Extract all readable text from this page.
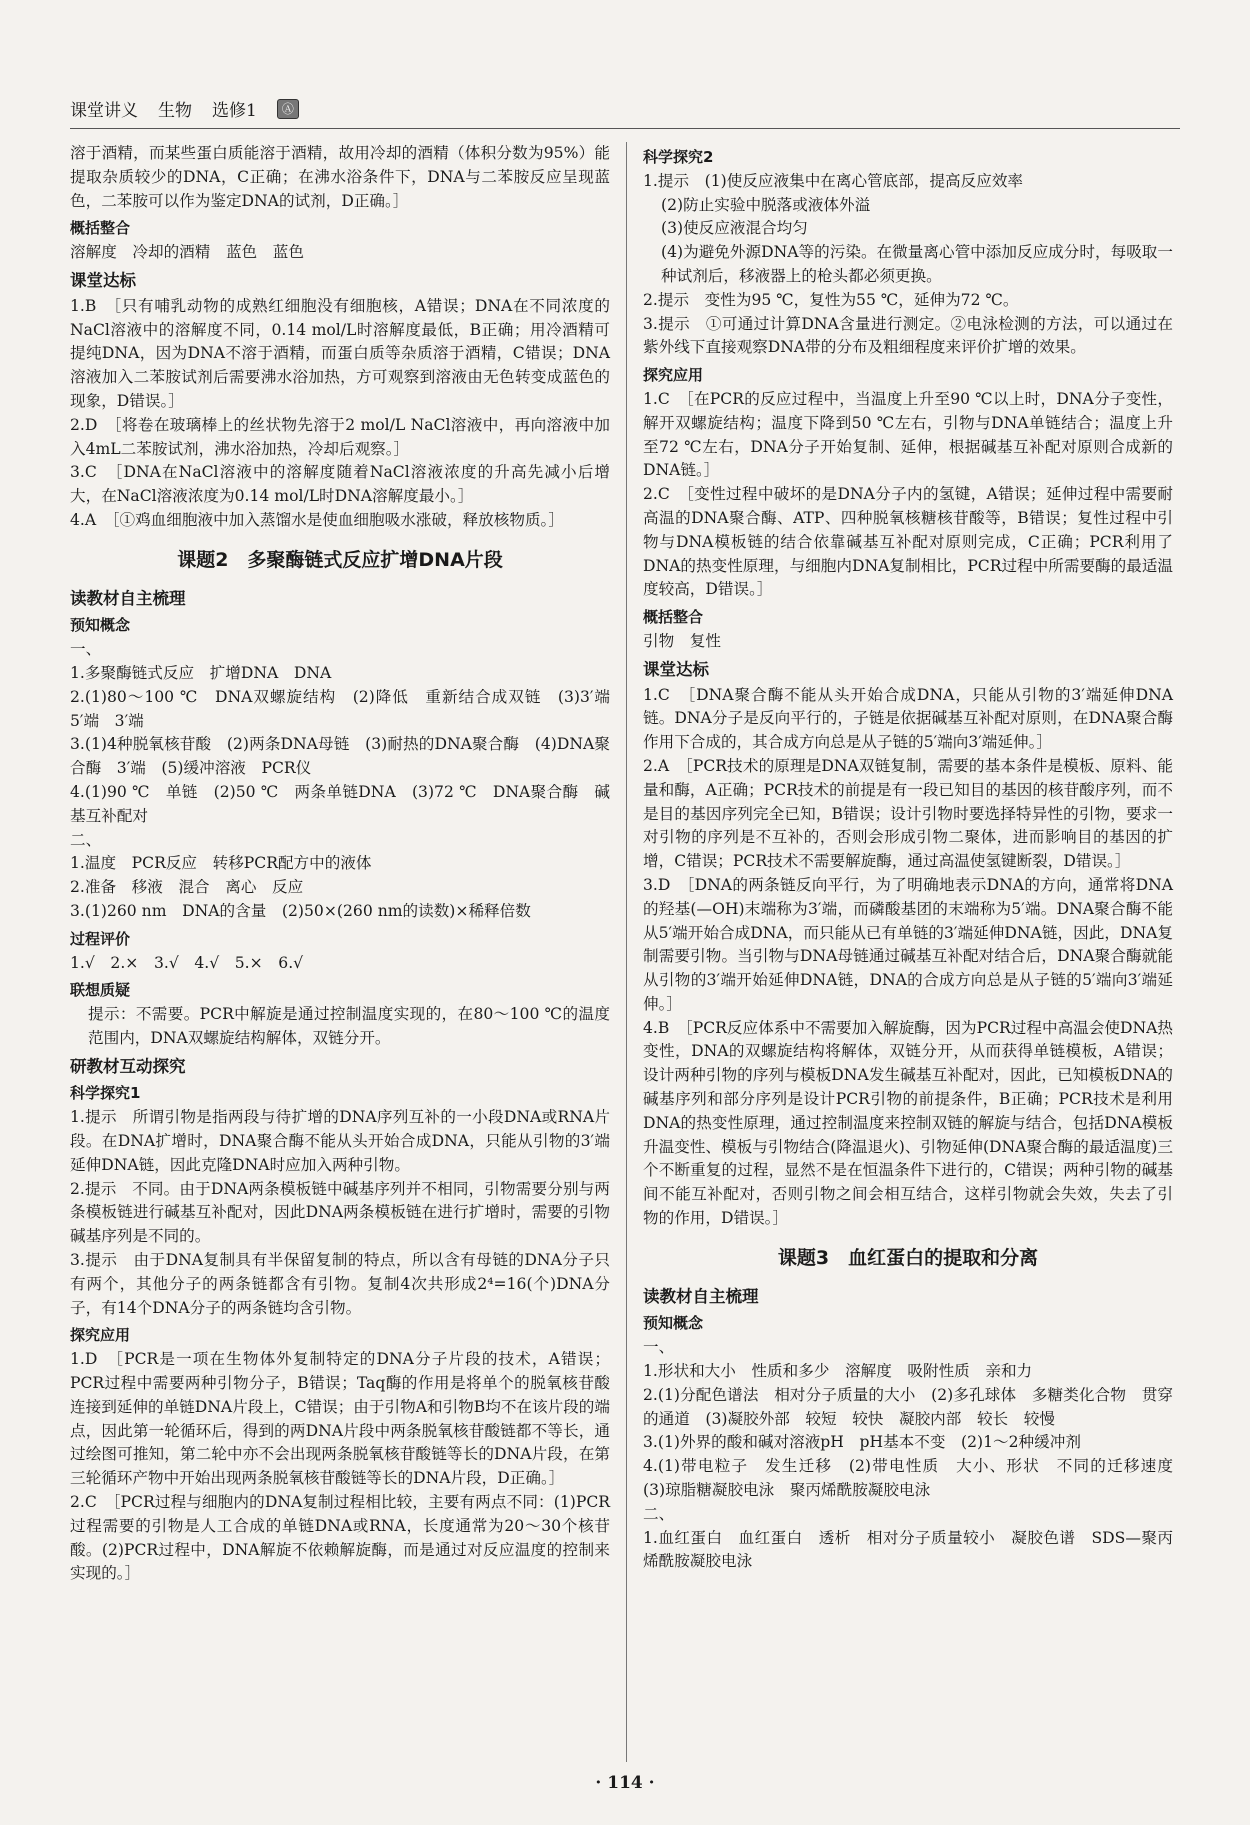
课堂讲义 生物 选修1	Ⓐ
溶于酒精，而某些蛋白质能溶于酒精，故用冷却的酒精（体积分数为95%）能提取杂质较少的DNA，C正确；在沸水浴条件下，DNA与二苯胺反应呈现蓝色，二苯胺可以作为鉴定DNA的试剂，D正确。］
概括整合
溶解度　冷却的酒精　蓝色　蓝色
课堂达标
1.B　［只有哺乳动物的成熟红细胞没有细胞核，A错误；DNA在不同浓度的NaCl溶液中的溶解度不同，0.14 mol/L时溶解度最低，B正确；用冷酒精可提纯DNA，因为DNA不溶于酒精，而蛋白质等杂质溶于酒精，C错误；DNA溶液加入二苯胺试剂后需要沸水浴加热，方可观察到溶液由无色转变成蓝色的现象，D错误。］
2.D　［将卷在玻璃棒上的丝状物先溶于2 mol/L NaCl溶液中，再向溶液中加入4mL二苯胺试剂，沸水浴加热，冷却后观察。］
3.C　［DNA在NaCl溶液中的溶解度随着NaCl溶液浓度的升高先减小后增大，在NaCl溶液浓度为0.14 mol/L时DNA溶解度最小。］
4.A　［①鸡血细胞液中加入蒸馏水是使血细胞吸水涨破，释放核物质。］
课题2　多聚酶链式反应扩增DNA片段
读教材自主梳理
预知概念
一、
1.多聚酶链式反应　扩增DNA　DNA
2.(1)80～100 ℃　DNA双螺旋结构　(2)降低　重新结合成双链　(3)3′端　5′端　3′端
3.(1)4种脱氧核苷酸　(2)两条DNA母链　(3)耐热的DNA聚合酶　(4)DNA聚合酶　3′端　(5)缓冲溶液　PCR仪
4.(1)90 ℃　单链　(2)50 ℃　两条单链DNA　(3)72 ℃　DNA聚合酶　碱基互补配对
二、
1.温度　PCR反应　转移PCR配方中的液体
2.准备　移液　混合　离心　反应
3.(1)260 nm　DNA的含量　(2)50×(260 nm的读数)×稀释倍数
过程评价
1.√　2.×　3.√　4.√　5.×　6.√
联想质疑
提示：不需要。PCR中解旋是通过控制温度实现的，在80～100 ℃的温度范围内，DNA双螺旋结构解体，双链分开。
研教材互动探究
科学探究1
1.提示　所谓引物是指两段与待扩增的DNA序列互补的一小段DNA或RNA片段。在DNA扩增时，DNA聚合酶不能从头开始合成DNA，只能从引物的3′端延伸DNA链，因此克隆DNA时应加入两种引物。
2.提示　不同。由于DNA两条模板链中碱基序列并不相同，引物需要分别与两条模板链进行碱基互补配对，因此DNA两条模板链在进行扩增时，需要的引物碱基序列是不同的。
3.提示　由于DNA复制具有半保留复制的特点，所以含有母链的DNA分子只有两个，其他分子的两条链都含有引物。复制4次共形成2⁴=16(个)DNA分子，有14个DNA分子的两条链均含引物。
探究应用
1.D　［PCR是一项在生物体外复制特定的DNA分子片段的技术，A错误；PCR过程中需要两种引物分子，B错误；Taq酶的作用是将单个的脱氧核苷酸连接到延伸的单链DNA片段上，C错误；由于引物A和引物B均不在该片段的端点，因此第一轮循环后，得到的两DNA片段中两条脱氧核苷酸链都不等长，通过绘图可推知，第二轮中亦不会出现两条脱氧核苷酸链等长的DNA片段，在第三轮循环产物中开始出现两条脱氧核苷酸链等长的DNA片段，D正确。］
2.C　［PCR过程与细胞内的DNA复制过程相比较，主要有两点不同：(1)PCR过程需要的引物是人工合成的单链DNA或RNA，长度通常为20～30个核苷酸。(2)PCR过程中，DNA解旋不依赖解旋酶，而是通过对反应温度的控制来实现的。］
科学探究2
1.提示　(1)使反应液集中在离心管底部，提高反应效率
(2)防止实验中脱落或液体外溢
(3)使反应液混合均匀
(4)为避免外源DNA等的污染。在微量离心管中添加反应成分时，每吸取一种试剂后，移液器上的枪头都必须更换。
2.提示　变性为95 ℃，复性为55 ℃，延伸为72 ℃。
3.提示　①可通过计算DNA含量进行测定。②电泳检测的方法，可以通过在紫外线下直接观察DNA带的分布及粗细程度来评价扩增的效果。
探究应用
1.C　［在PCR的反应过程中，当温度上升至90 ℃以上时，DNA分子变性，解开双螺旋结构；温度下降到50 ℃左右，引物与DNA单链结合；温度上升至72 ℃左右，DNA分子开始复制、延伸，根据碱基互补配对原则合成新的DNA链。］
2.C　［变性过程中破坏的是DNA分子内的氢键，A错误；延伸过程中需要耐高温的DNA聚合酶、ATP、四种脱氧核糖核苷酸等，B错误；复性过程中引物与DNA模板链的结合依靠碱基互补配对原则完成，C正确；PCR利用了DNA的热变性原理，与细胞内DNA复制相比，PCR过程中所需要酶的最适温度较高，D错误。］
概括整合
引物　复性
课堂达标
1.C　［DNA聚合酶不能从头开始合成DNA，只能从引物的3′端延伸DNA链。DNA分子是反向平行的，子链是依据碱基互补配对原则，在DNA聚合酶作用下合成的，其合成方向总是从子链的5′端向3′端延伸。］
2.A　［PCR技术的原理是DNA双链复制，需要的基本条件是模板、原料、能量和酶，A正确；PCR技术的前提是有一段已知目的基因的核苷酸序列，而不是目的基因序列完全已知，B错误；设计引物时要选择特异性的引物，要求一对引物的序列是不互补的，否则会形成引物二聚体，进而影响目的基因的扩增，C错误；PCR技术不需要解旋酶，通过高温使氢键断裂，D错误。］
3.D　［DNA的两条链反向平行，为了明确地表示DNA的方向，通常将DNA的羟基(—OH)末端称为3′端，而磷酸基团的末端称为5′端。DNA聚合酶不能从5′端开始合成DNA，而只能从已有单链的3′端延伸DNA链，因此，DNA复制需要引物。当引物与DNA母链通过碱基互补配对结合后，DNA聚合酶就能从引物的3′端开始延伸DNA链，DNA的合成方向总是从子链的5′端向3′端延伸。］
4.B　［PCR反应体系中不需要加入解旋酶，因为PCR过程中高温会使DNA热变性，DNA的双螺旋结构将解体，双链分开，从而获得单链模板，A错误；设计两种引物的序列与模板DNA发生碱基互补配对，因此，已知模板DNA的碱基序列和部分序列是设计PCR引物的前提条件，B正确；PCR技术是利用DNA的热变性原理，通过控制温度来控制双链的解旋与结合，包括DNA模板升温变性、模板与引物结合(降温退火)、引物延伸(DNA聚合酶的最适温度)三个不断重复的过程，显然不是在恒温条件下进行的，C错误；两种引物的碱基间不能互补配对，否则引物之间会相互结合，这样引物就会失效，失去了引物的作用，D错误。］
课题3　血红蛋白的提取和分离
读教材自主梳理
预知概念
一、
1.形状和大小　性质和多少　溶解度　吸附性质　亲和力
2.(1)分配色谱法　相对分子质量的大小　(2)多孔球体　多糖类化合物　贯穿的通道　(3)凝胶外部　较短　较快　凝胶内部　较长　较慢
3.(1)外界的酸和碱对溶液pH　pH基本不变　(2)1～2种缓冲剂
4.(1)带电粒子　发生迁移　(2)带电性质　大小、形状　不同的迁移速度　(3)琼脂糖凝胶电泳　聚丙烯酰胺凝胶电泳
二、
1.血红蛋白　血红蛋白　透析　相对分子质量较小　凝胶色谱　SDS—聚丙烯酰胺凝胶电泳
· 114 ·
